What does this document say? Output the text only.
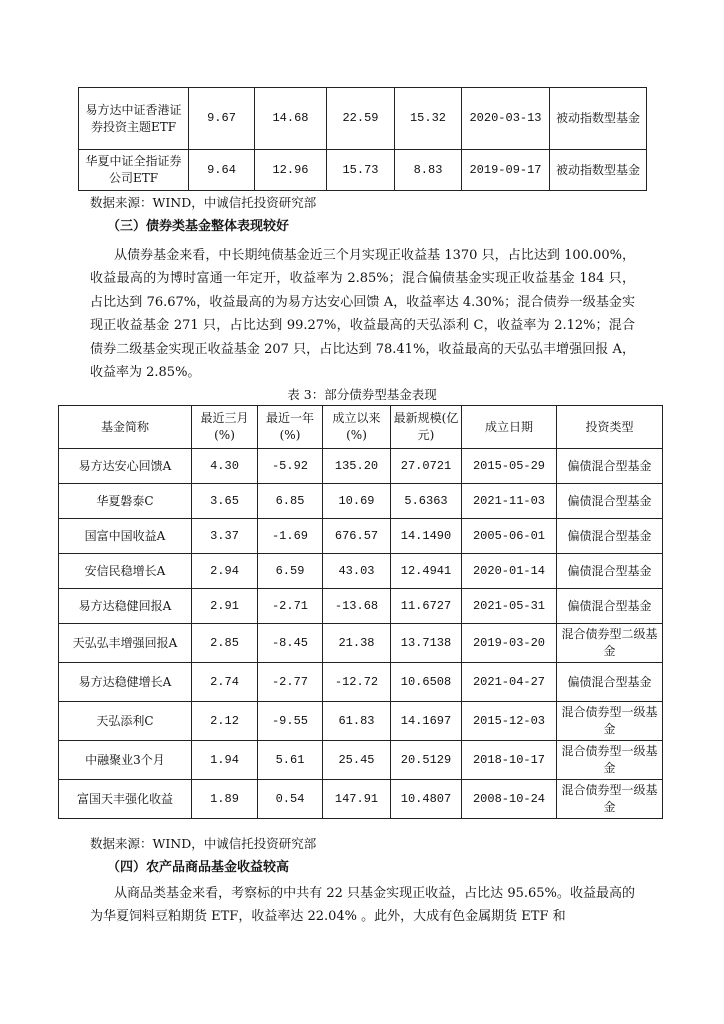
易方达中证香港证券投资主题ETF	9.67	14.68	22.59	15.32	2020-03-13	被动指数型基金
华夏中证全指证券公司ETF	9.64	12.96	15.73	8.83	2019-09-17	被动指数型基金
数据来源：WIND，中诚信托投资研究部
（三）债券类基金整体表现较好
从债券基金来看，中长期纯债基金近三个月实现正收益基 1370 只，占比达到 100.00%，收益最高的为博时富通一年定开，收益率为 2.85%；混合偏债基金实现正收益基金 184 只，占比达到 76.67%，收益最高的为易方达安心回馈 A，收益率达 4.30%；混合债券一级基金实现正收益基金 271 只，占比达到 99.27%，收益最高的天弘添利 C，收益率为 2.12%；混合债券二级基金实现正收益基金 207 只，占比达到 78.41%，收益最高的天弘弘丰增强回报 A，收益率为 2.85%。
表 3：部分债券型基金表现
基金简称	最近三月(%)	最近一年(%)	成立以来(%)	最新规模(亿元)	成立日期	投资类型
易方达安心回馈A	4.30	-5.92	135.20	27.0721	2015-05-29	偏债混合型基金
华夏磐泰C	3.65	6.85	10.69	5.6363	2021-11-03	偏债混合型基金
国富中国收益A	3.37	-1.69	676.57	14.1490	2005-06-01	偏债混合型基金
安信民稳增长A	2.94	6.59	43.03	12.4941	2020-01-14	偏债混合型基金
易方达稳健回报A	2.91	-2.71	-13.68	11.6727	2021-05-31	偏债混合型基金
天弘弘丰增强回报A	2.85	-8.45	21.38	13.7138	2019-03-20	混合债券型二级基金
易方达稳健增长A	2.74	-2.77	-12.72	10.6508	2021-04-27	偏债混合型基金
天弘添利C	2.12	-9.55	61.83	14.1697	2015-12-03	混合债券型一级基金
中融聚业3个月	1.94	5.61	25.45	20.5129	2018-10-17	混合债券型一级基金
富国天丰强化收益	1.89	0.54	147.91	10.4807	2008-10-24	混合债券型一级基金
数据来源：WIND，中诚信托投资研究部
（四）农产品商品基金收益较高
从商品类基金来看，考察标的中共有 22 只基金实现正收益，占比达 95.65%。收益最高的为华夏饲料豆粕期货 ETF，收益率达 22.04% 。此外，大成有色金属期货 ETF 和
